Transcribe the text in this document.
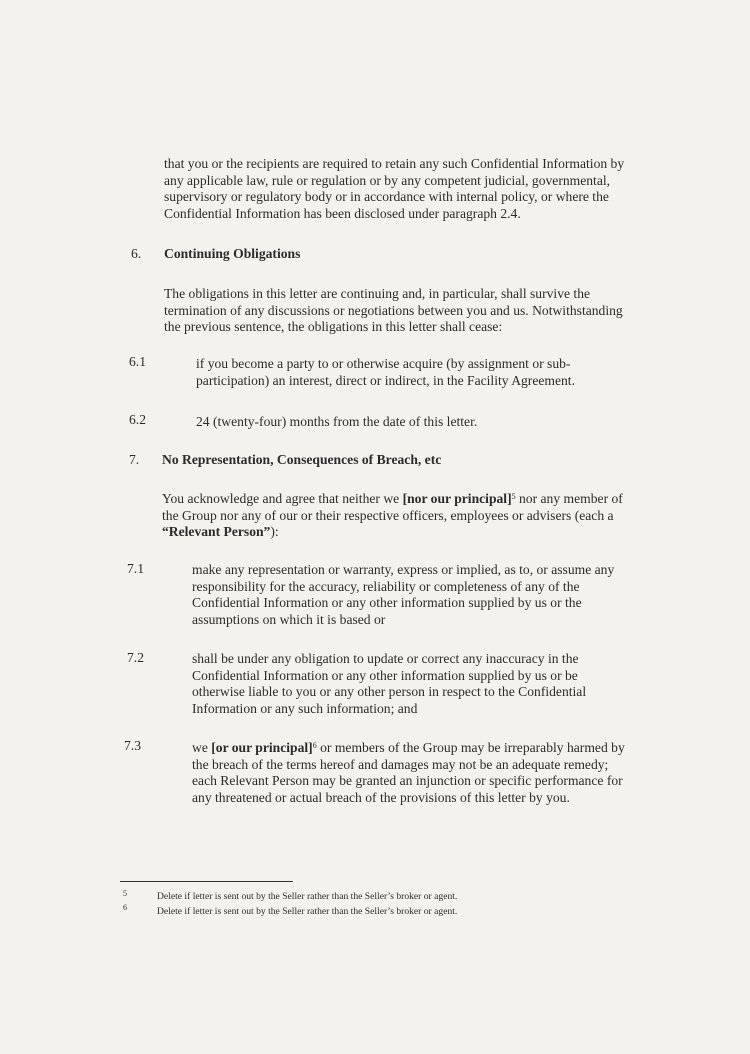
that you or the recipients are required to retain any such Confidential Information by
any applicable law, rule or regulation or by any competent judicial, governmental,
supervisory or regulatory body or in accordance with internal policy, or where the
Confidential Information has been disclosed under paragraph 2.4.

6. Continuing Obligations

The obligations in this letter are continuing and, in particular, shall survive the
termination of any discussions or negotiations between you and us. Notwithstanding
the previous sentence, the obligations in this letter shall cease:

6.1	if you become a party to or otherwise acquire (by assignment or sub-
participation) an interest, direct or indirect, in the Facility Agreement.

6.2	24 (twenty-four) months from the date of this letter.

7. No Representation, Consequences of Breach, etc

You acknowledge and agree that neither we [nor our principal]$^5$ nor any member of
the Group nor any of our or their respective officers, employees or advisers (each a
“Relevant Person”):

7.1	make any representation or warranty, express or implied, as to, or assume any
responsibility for the accuracy, reliability or completeness of any of the
Confidential Information or any other information supplied by us or the
assumptions on which it is based or

7.2	shall be under any obligation to update or correct any inaccuracy in the
Confidential Information or any other information supplied by us or be
otherwise liable to you or any other person in respect to the Confidential
Information or any such information; and

7.3	we [or our principal]$^6$ or members of the Group may be irreparably harmed by
the breach of the terms hereof and damages may not be an adequate remedy;
each Relevant Person may be granted an injunction or specific performance for
any threatened or actual breach of the provisions of this letter by you.

5	Delete if letter is sent out by the Seller rather than the Seller’s broker or agent.
6	Delete if letter is sent out by the Seller rather than the Seller’s broker or agent.
